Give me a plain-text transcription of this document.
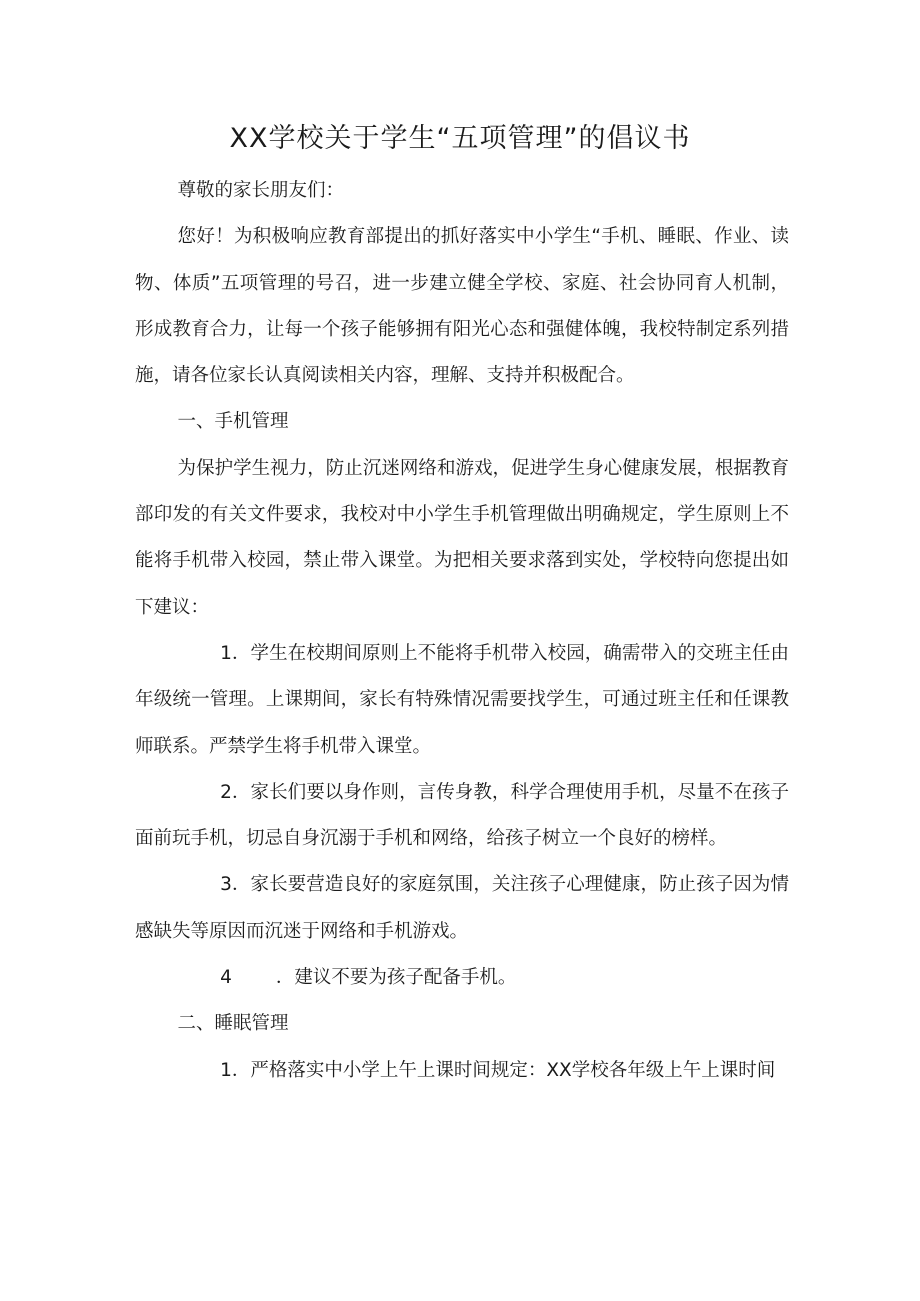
XX学校关于学生“五项管理”的倡议书

尊敬的家长朋友们：

您好！为积极响应教育部提出的抓好落实中小学生“手机、睡眠、作业、读物、体质”五项管理的号召，进一步建立健全学校、家庭、社会协同育人机制，形成教育合力，让每一个孩子能够拥有阳光心态和强健体魄，我校特制定系列措施，请各位家长认真阅读相关内容，理解、支持并积极配合。

一、手机管理

为保护学生视力，防止沉迷网络和游戏，促进学生身心健康发展，根据教育部印发的有关文件要求，我校对中小学生手机管理做出明确规定，学生原则上不能将手机带入校园，禁止带入课堂。为把相关要求落到实处，学校特向您提出如下建议：

1．学生在校期间原则上不能将手机带入校园，确需带入的交班主任由年级统一管理。上课期间，家长有特殊情况需要找学生，可通过班主任和任课教师联系。严禁学生将手机带入课堂。

2．家长们要以身作则，言传身教，科学合理使用手机，尽量不在孩子面前玩手机，切忌自身沉溺于手机和网络，给孩子树立一个良好的榜样。

3．家长要营造良好的家庭氛围，关注孩子心理健康，防止孩子因为情感缺失等原因而沉迷于网络和手机游戏。

4 ．建议不要为孩子配备手机。

二、睡眠管理

1．严格落实中小学上午上课时间规定：XX学校各年级上午上课时间
